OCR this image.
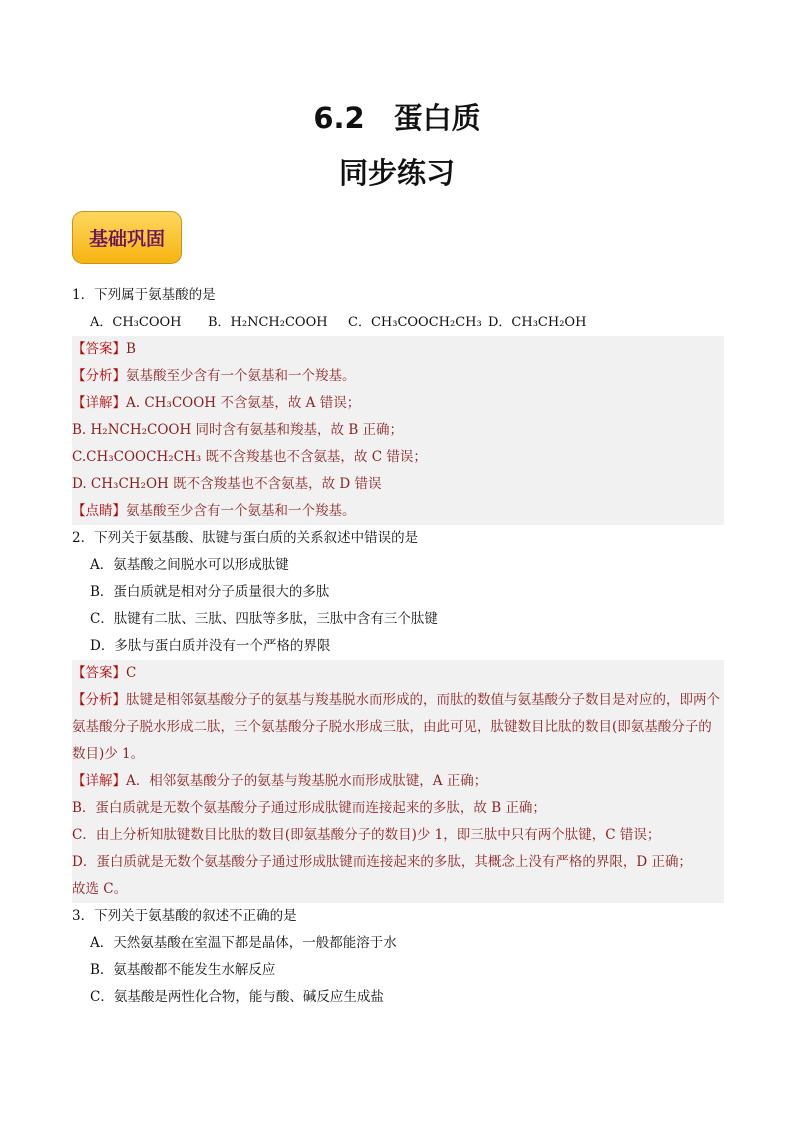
6.2　蛋白质
同步练习
基础巩固
1．下列属于氨基酸的是
A．CH₃COOH B．H₂NCH₂COOH C．CH₃COOCH₂CH₃ D．CH₃CH₂OH
【答案】B
【分析】氨基酸至少含有一个氨基和一个羧基。
【详解】A. CH₃COOH 不含氨基，故 A 错误；
B. H₂NCH₂COOH 同时含有氨基和羧基，故 B 正确；
C.CH₃COOCH₂CH₃ 既不含羧基也不含氨基，故 C 错误；
D. CH₃CH₂OH 既不含羧基也不含氨基，故 D 错误
【点睛】氨基酸至少含有一个氨基和一个羧基。
2．下列关于氨基酸、肽键与蛋白质的关系叙述中错误的是
A．氨基酸之间脱水可以形成肽键
B．蛋白质就是相对分子质量很大的多肽
C．肽键有二肽、三肽、四肽等多肽，三肽中含有三个肽键
D．多肽与蛋白质并没有一个严格的界限
【答案】C
【分析】肽键是相邻氨基酸分子的氨基与羧基脱水而形成的，而肽的数值与氨基酸分子数目是对应的，即两个氨基酸分子脱水形成二肽，三个氨基酸分子脱水形成三肽，由此可见，肽键数目比肽的数目(即氨基酸分子的数目)少 1。
【详解】A．相邻氨基酸分子的氨基与羧基脱水而形成肽键，A 正确；
B．蛋白质就是无数个氨基酸分子通过形成肽键而连接起来的多肽，故 B 正确；
C．由上分析知肽键数目比肽的数目(即氨基酸分子的数目)少 1，即三肽中只有两个肽键，C 错误；
D．蛋白质就是无数个氨基酸分子通过形成肽键而连接起来的多肽，其概念上没有严格的界限，D 正确；
故选 C。
3．下列关于氨基酸的叙述不正确的是
A．天然氨基酸在室温下都是晶体，一般都能溶于水
B．氨基酸都不能发生水解反应
C．氨基酸是两性化合物，能与酸、碱反应生成盐
